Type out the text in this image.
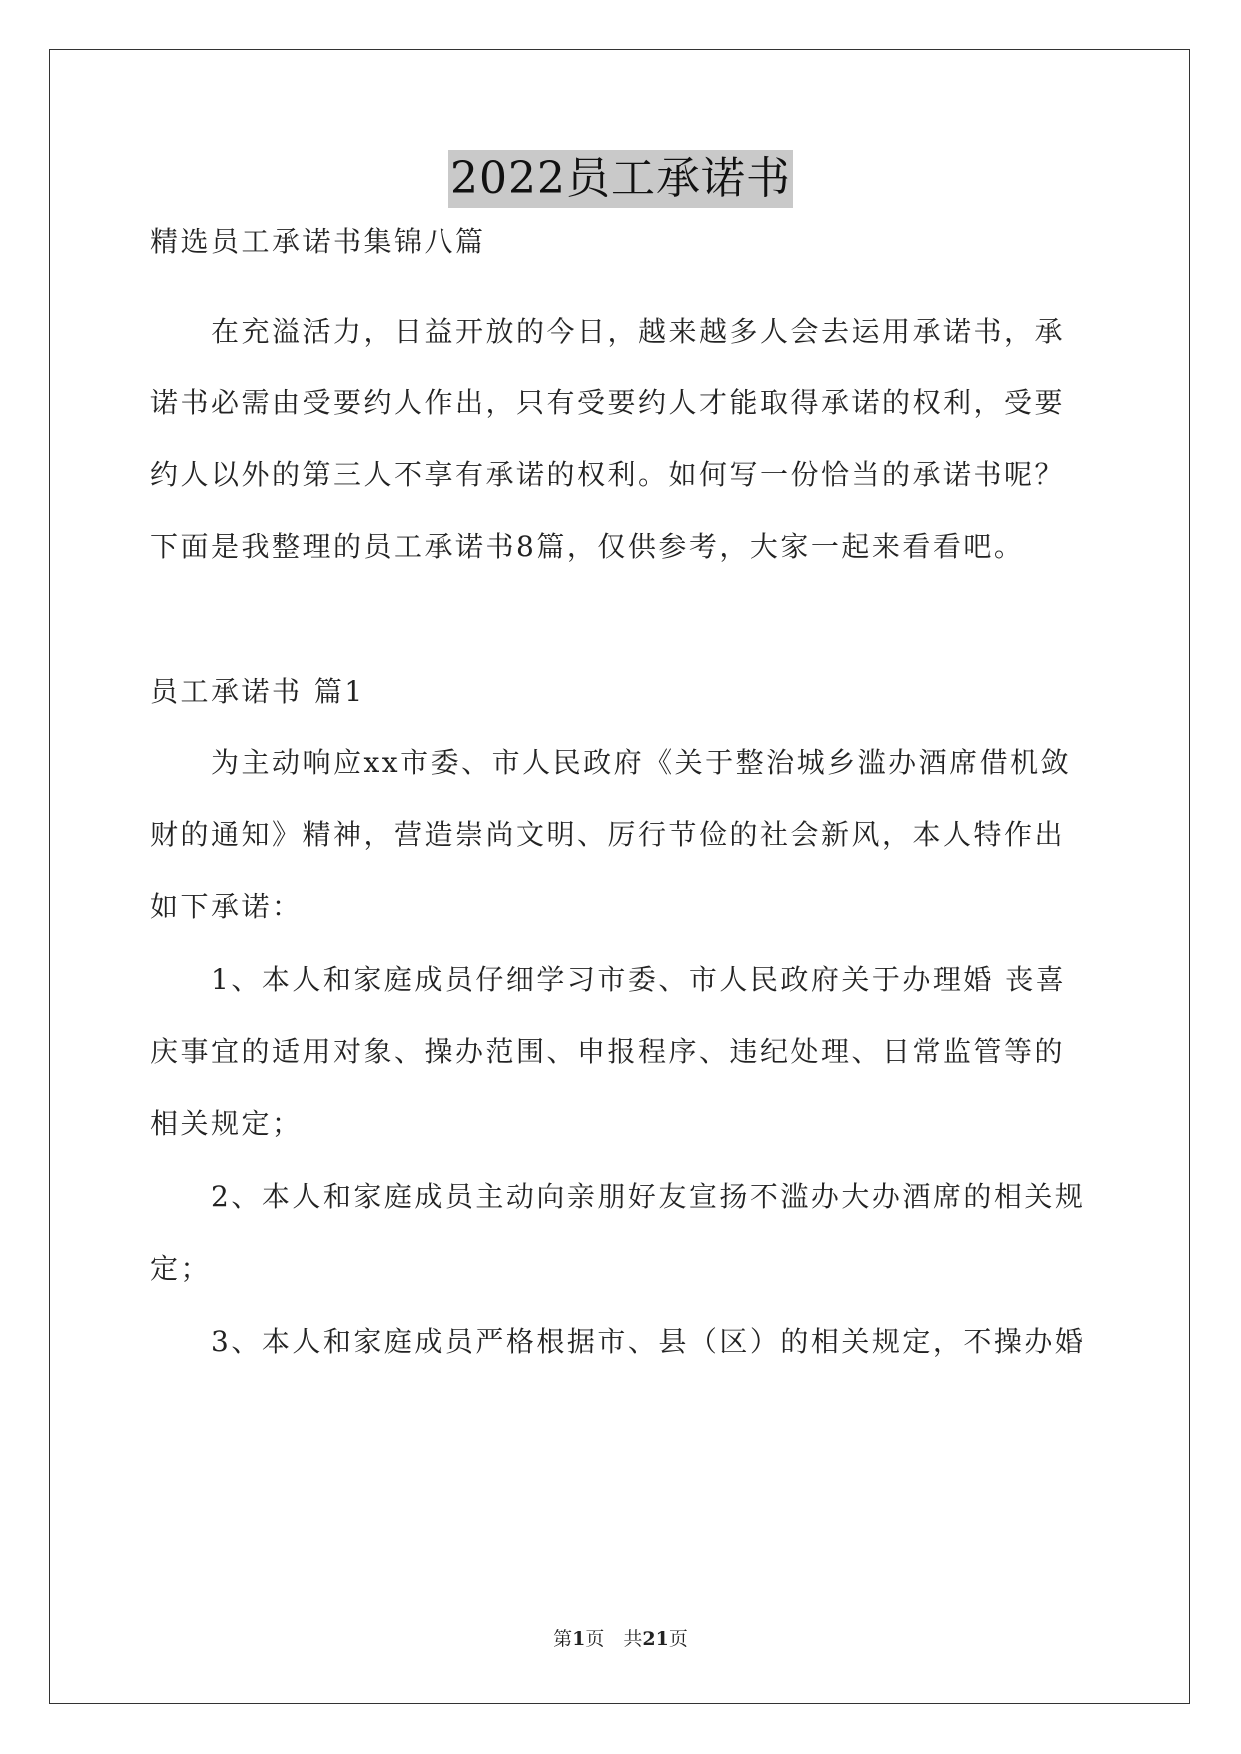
2022员工承诺书
精选员工承诺书集锦八篇
　　在充溢活力，日益开放的今日，越来越多人会去运用承诺书，承
诺书必需由受要约人作出，只有受要约人才能取得承诺的权利，受要
约人以外的第三人不享有承诺的权利。如何写一份恰当的承诺书呢？
下面是我整理的员工承诺书8篇，仅供参考，大家一起来看看吧。
员工承诺书 篇1
　　为主动响应xx市委、市人民政府《关于整治城乡滥办酒席借机敛
财的通知》精神，营造崇尚文明、厉行节俭的社会新风，本人特作出
如下承诺：
　　1、本人和家庭成员仔细学习市委、市人民政府关于办理婚 丧喜
庆事宜的适用对象、操办范围、申报程序、违纪处理、日常监管等的
相关规定；
　　2、本人和家庭成员主动向亲朋好友宣扬不滥办大办酒席的相关规
定；
　　3、本人和家庭成员严格根据市、县（区）的相关规定，不操办婚
第1页　共21页
